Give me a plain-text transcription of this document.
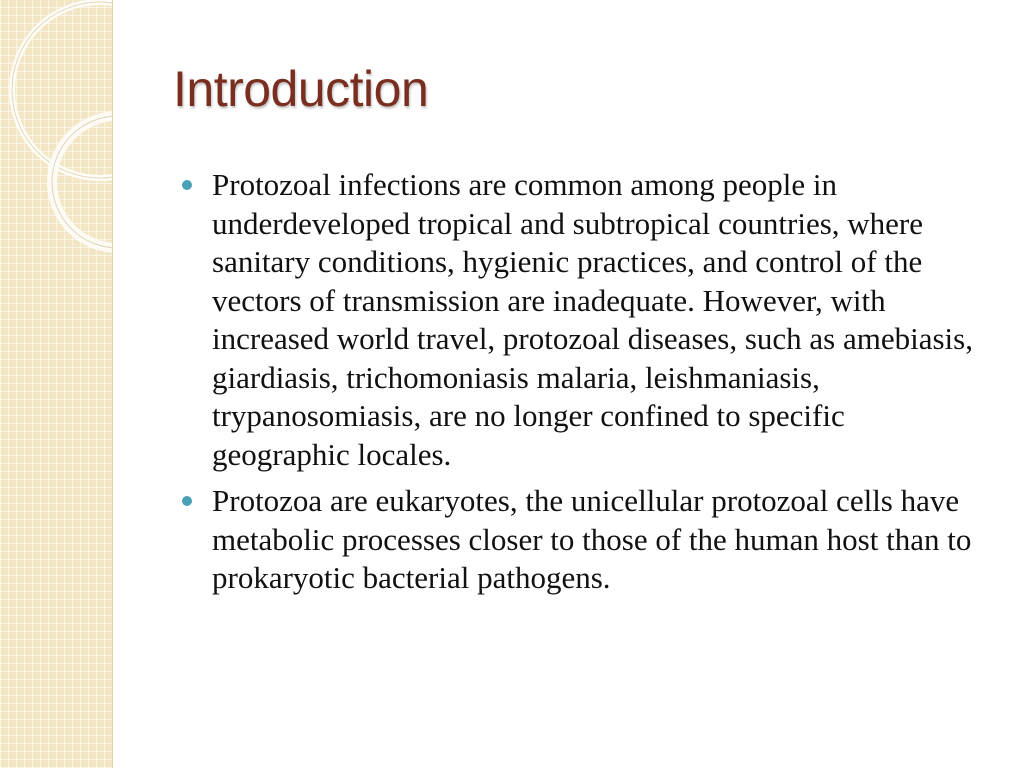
Introduction
Protozoal infections are common among people in underdeveloped tropical and subtropical countries, where sanitary conditions, hygienic practices, and control of the vectors of transmission are inadequate. However, with increased world travel, protozoal diseases, such as amebiasis, giardiasis, trichomoniasis malaria, leishmaniasis, trypanosomiasis, are no longer confined to specific geographic locales.
Protozoa are eukaryotes, the unicellular protozoal cells have metabolic processes closer to those of the human host than to prokaryotic bacterial pathogens.
